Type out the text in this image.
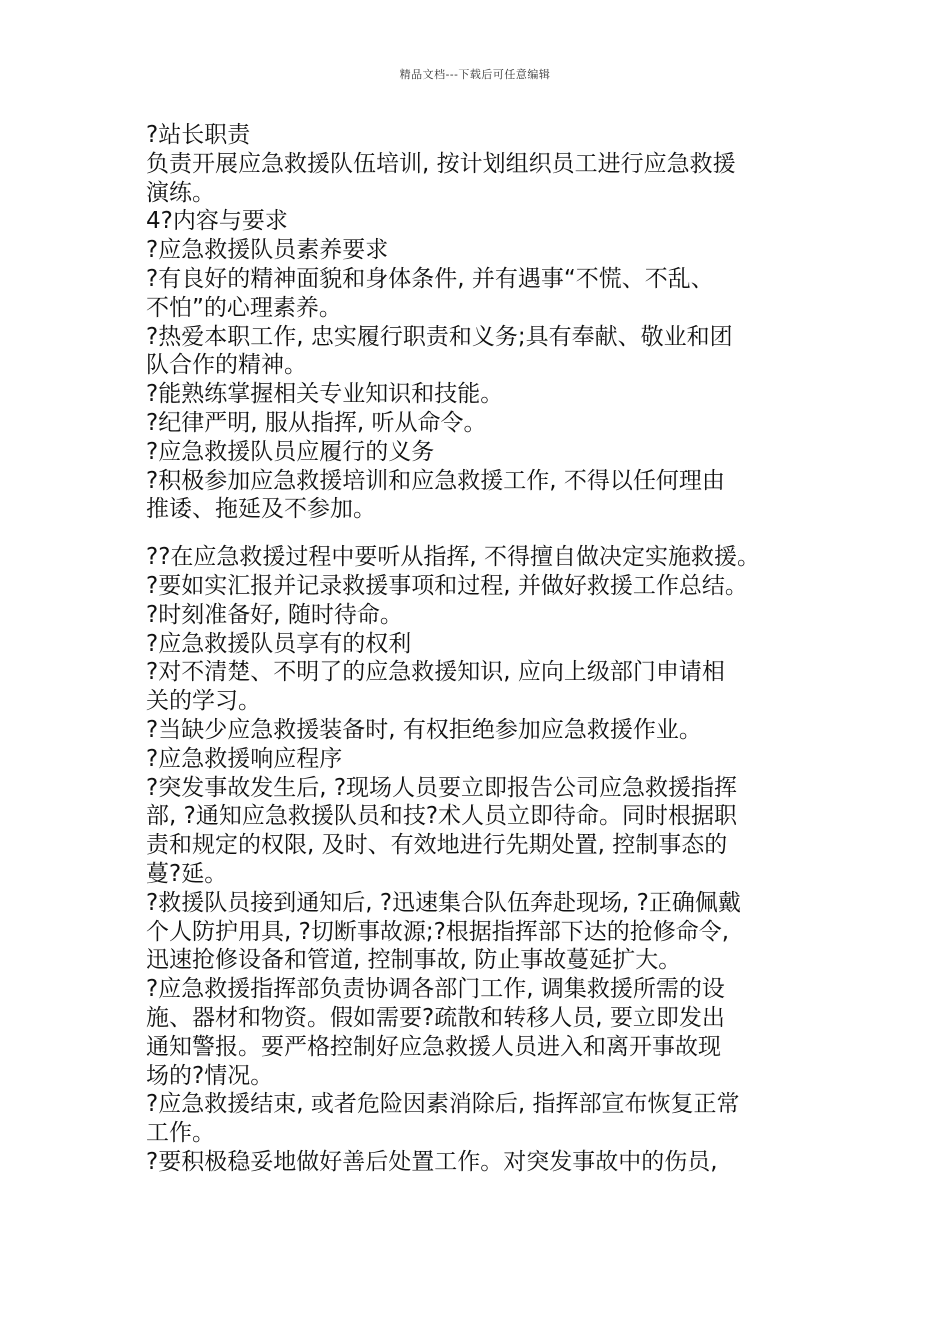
精品文档---下载后可任意编辑
?站长职责
负责开展应急救援队伍培训, 按计划组织员工进行应急救援
演练。
4?内容与要求
?应急救援队员素养要求
?有良好的精神面貌和身体条件, 并有遇事“不慌、不乱、
不怕”的心理素养。
?热爱本职工作, 忠实履行职责和义务;具有奉献、敬业和团
队合作的精神。
?能熟练掌握相关专业知识和技能。
?纪律严明, 服从指挥, 听从命令。
?应急救援队员应履行的义务
?积极参加应急救援培训和应急救援工作, 不得以任何理由
推诿、拖延及不参加。
??在应急救援过程中要听从指挥, 不得擅自做决定实施救援。
?要如实汇报并记录救援事项和过程, 并做好救援工作总结。
?时刻准备好, 随时待命。
?应急救援队员享有的权利
?对不清楚、不明了的应急救援知识, 应向上级部门申请相
关的学习。
?当缺少应急救援装备时, 有权拒绝参加应急救援作业。
?应急救援响应程序
?突发事故发生后, ?现场人员要立即报告公司应急救援指挥
部, ?通知应急救援队员和技?术人员立即待命。同时根据职
责和规定的权限, 及时、有效地进行先期处置, 控制事态的
蔓?延。
?救援队员接到通知后, ?迅速集合队伍奔赴现场, ?正确佩戴
个人防护用具, ?切断事故源;?根据指挥部下达的抢修命令,
迅速抢修设备和管道, 控制事故, 防止事故蔓延扩大。
?应急救援指挥部负责协调各部门工作, 调集救援所需的设
施、器材和物资。假如需要?疏散和转移人员, 要立即发出
通知警报。要严格控制好应急救援人员进入和离开事故现
场的?情况。
?应急救援结束, 或者危险因素消除后, 指挥部宣布恢复正常
工作。
?要积极稳妥地做好善后处置工作。对突发事故中的伤员,
